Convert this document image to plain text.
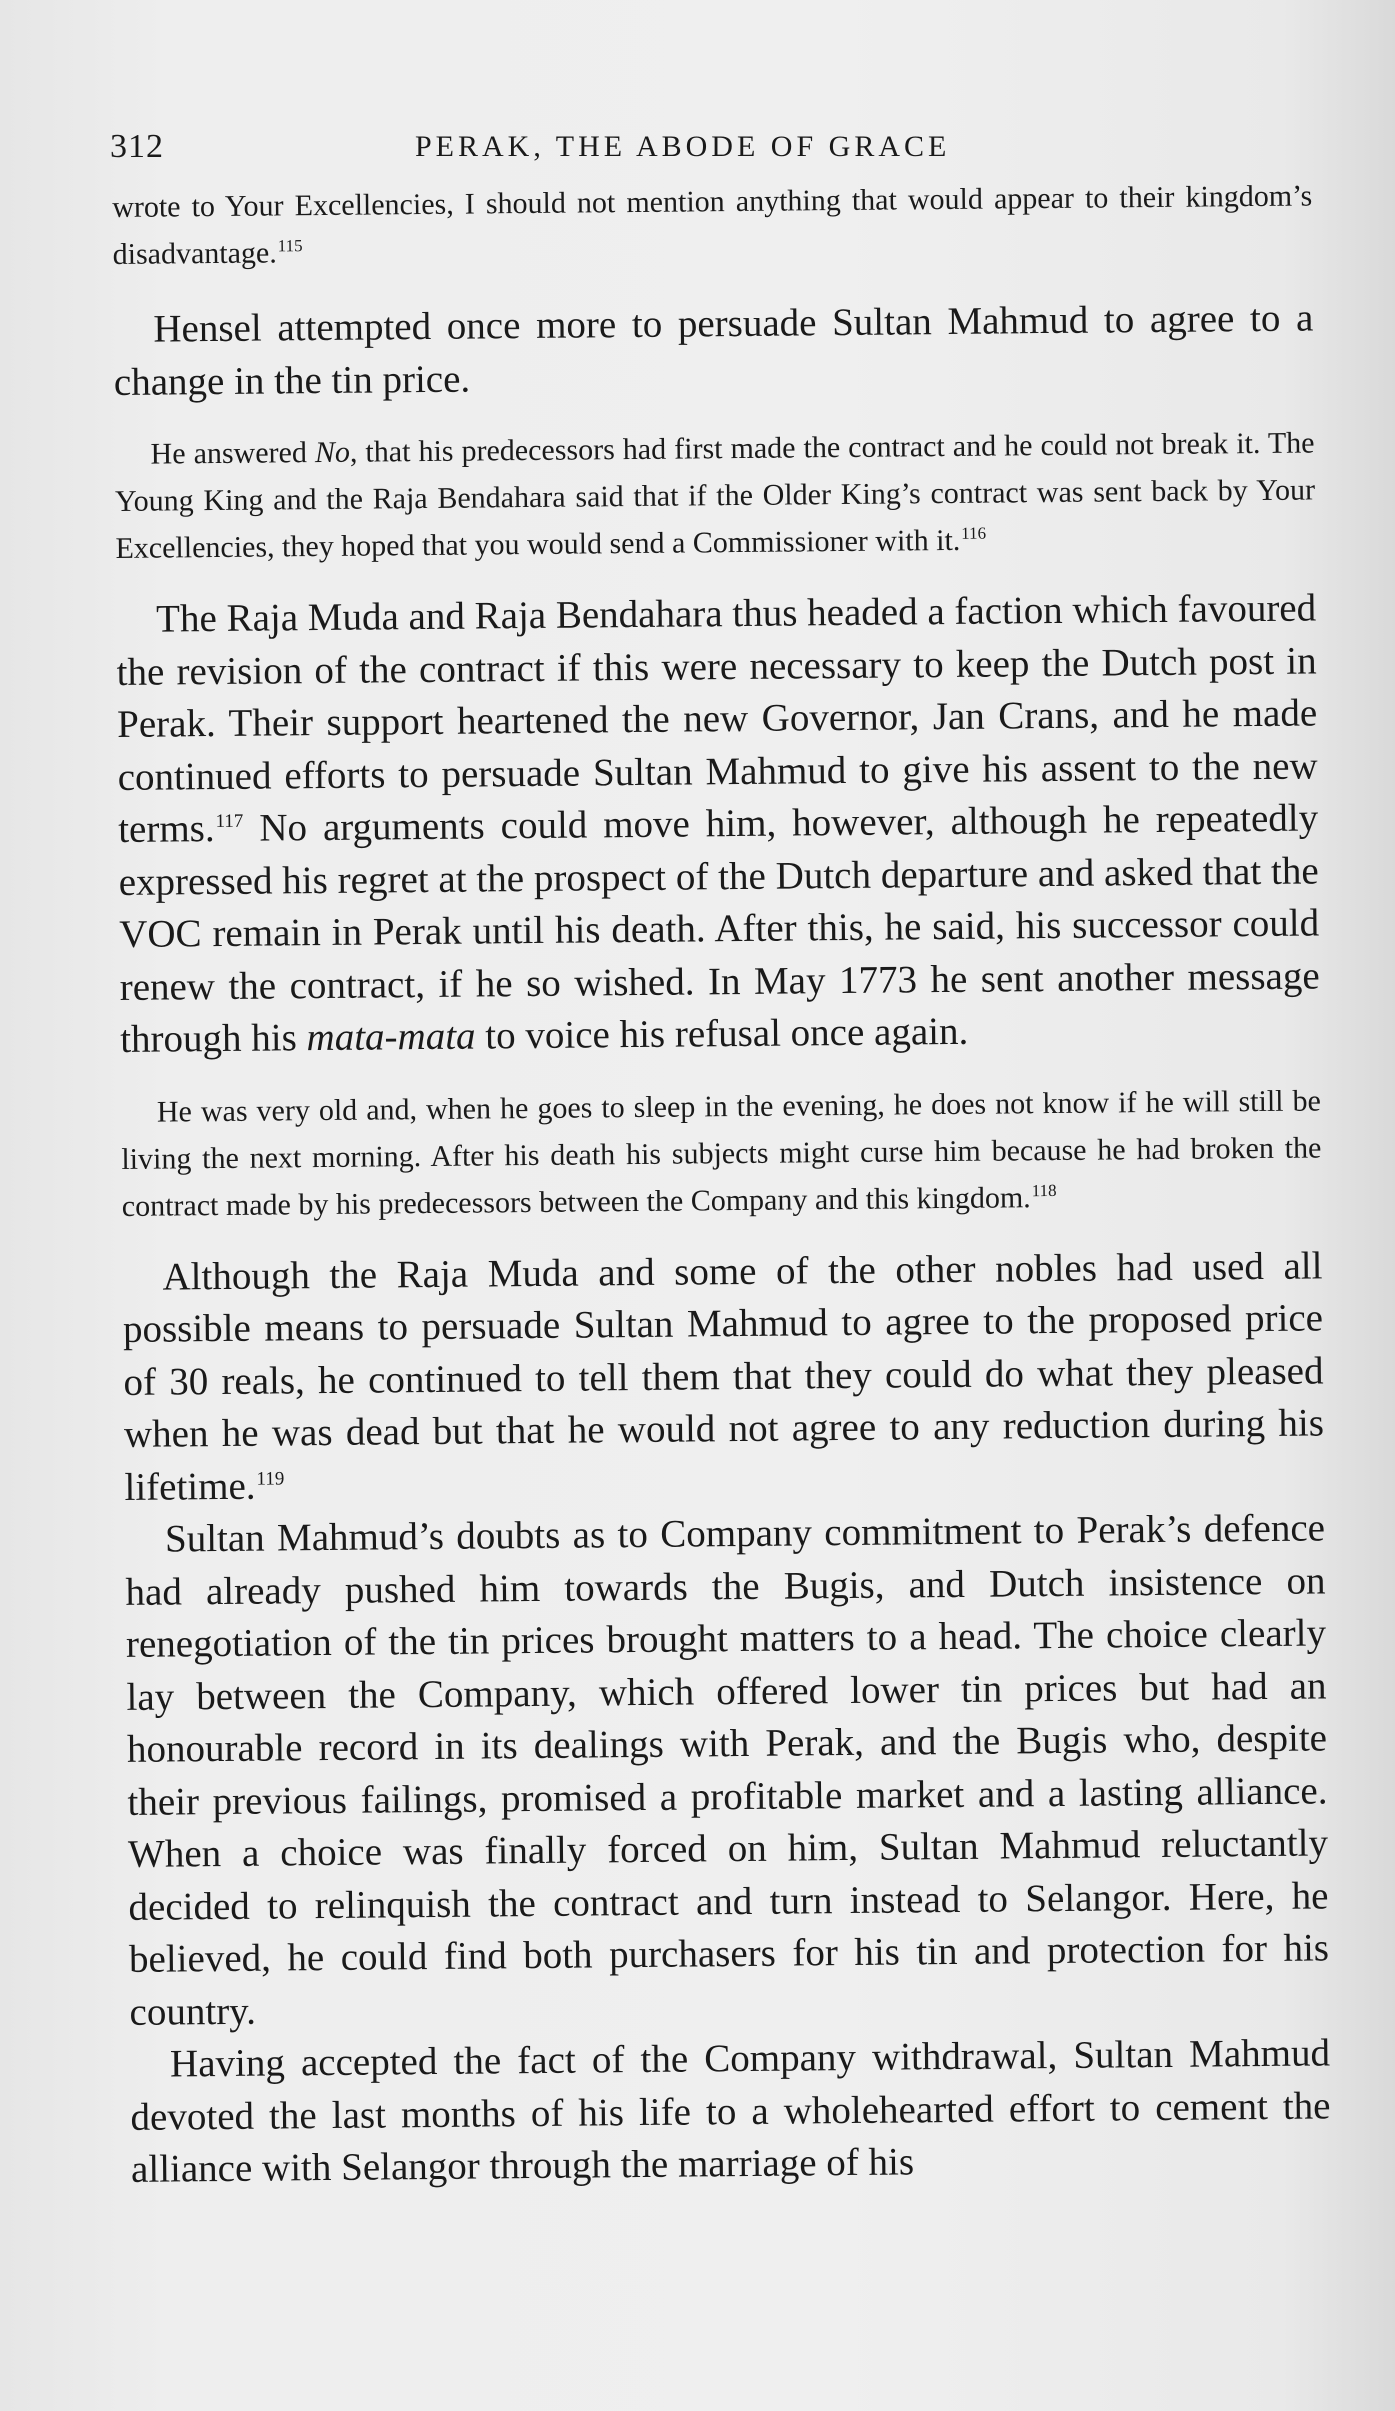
312	PERAK, THE ABODE OF GRACE

wrote to Your Excellencies, I should not mention anything that would appear to their kingdom’s disadvantage.$^{115}$

Hensel attempted once more to persuade Sultan Mahmud to agree to a change in the tin price.

He answered No, that his predecessors had first made the contract and he could not break it. The Young King and the Raja Bendahara said that if the Older King’s contract was sent back by Your Excellencies, they hoped that you would send a Commissioner with it.$^{116}$

The Raja Muda and Raja Bendahara thus headed a faction which favoured the revision of the contract if this were necessary to keep the Dutch post in Perak. Their support heartened the new Governor, Jan Crans, and he made continued efforts to persuade Sultan Mahmud to give his assent to the new terms.$^{117}$ No arguments could move him, however, although he repeatedly expressed his regret at the prospect of the Dutch departure and asked that the VOC remain in Perak until his death. After this, he said, his successor could renew the contract, if he so wished. In May 1773 he sent another message through his mata-mata to voice his refusal once again.

He was very old and, when he goes to sleep in the evening, he does not know if he will still be living the next morning. After his death his subjects might curse him because he had broken the contract made by his predecessors between the Company and this kingdom.$^{118}$

Although the Raja Muda and some of the other nobles had used all possible means to persuade Sultan Mahmud to agree to the proposed price of 30 reals, he continued to tell them that they could do what they pleased when he was dead but that he would not agree to any reduction during his lifetime.$^{119}$

Sultan Mahmud’s doubts as to Company commitment to Perak’s defence had already pushed him towards the Bugis, and Dutch insistence on renegotiation of the tin prices brought matters to a head. The choice clearly lay between the Company, which offered lower tin prices but had an honourable record in its dealings with Perak, and the Bugis who, despite their previous failings, promised a profitable market and a lasting alliance. When a choice was finally forced on him, Sultan Mahmud reluctantly decided to relinquish the contract and turn instead to Selangor. Here, he believed, he could find both purchasers for his tin and protection for his country.

Having accepted the fact of the Company withdrawal, Sultan Mahmud devoted the last months of his life to a wholehearted effort to cement the alliance with Selangor through the marriage of his
